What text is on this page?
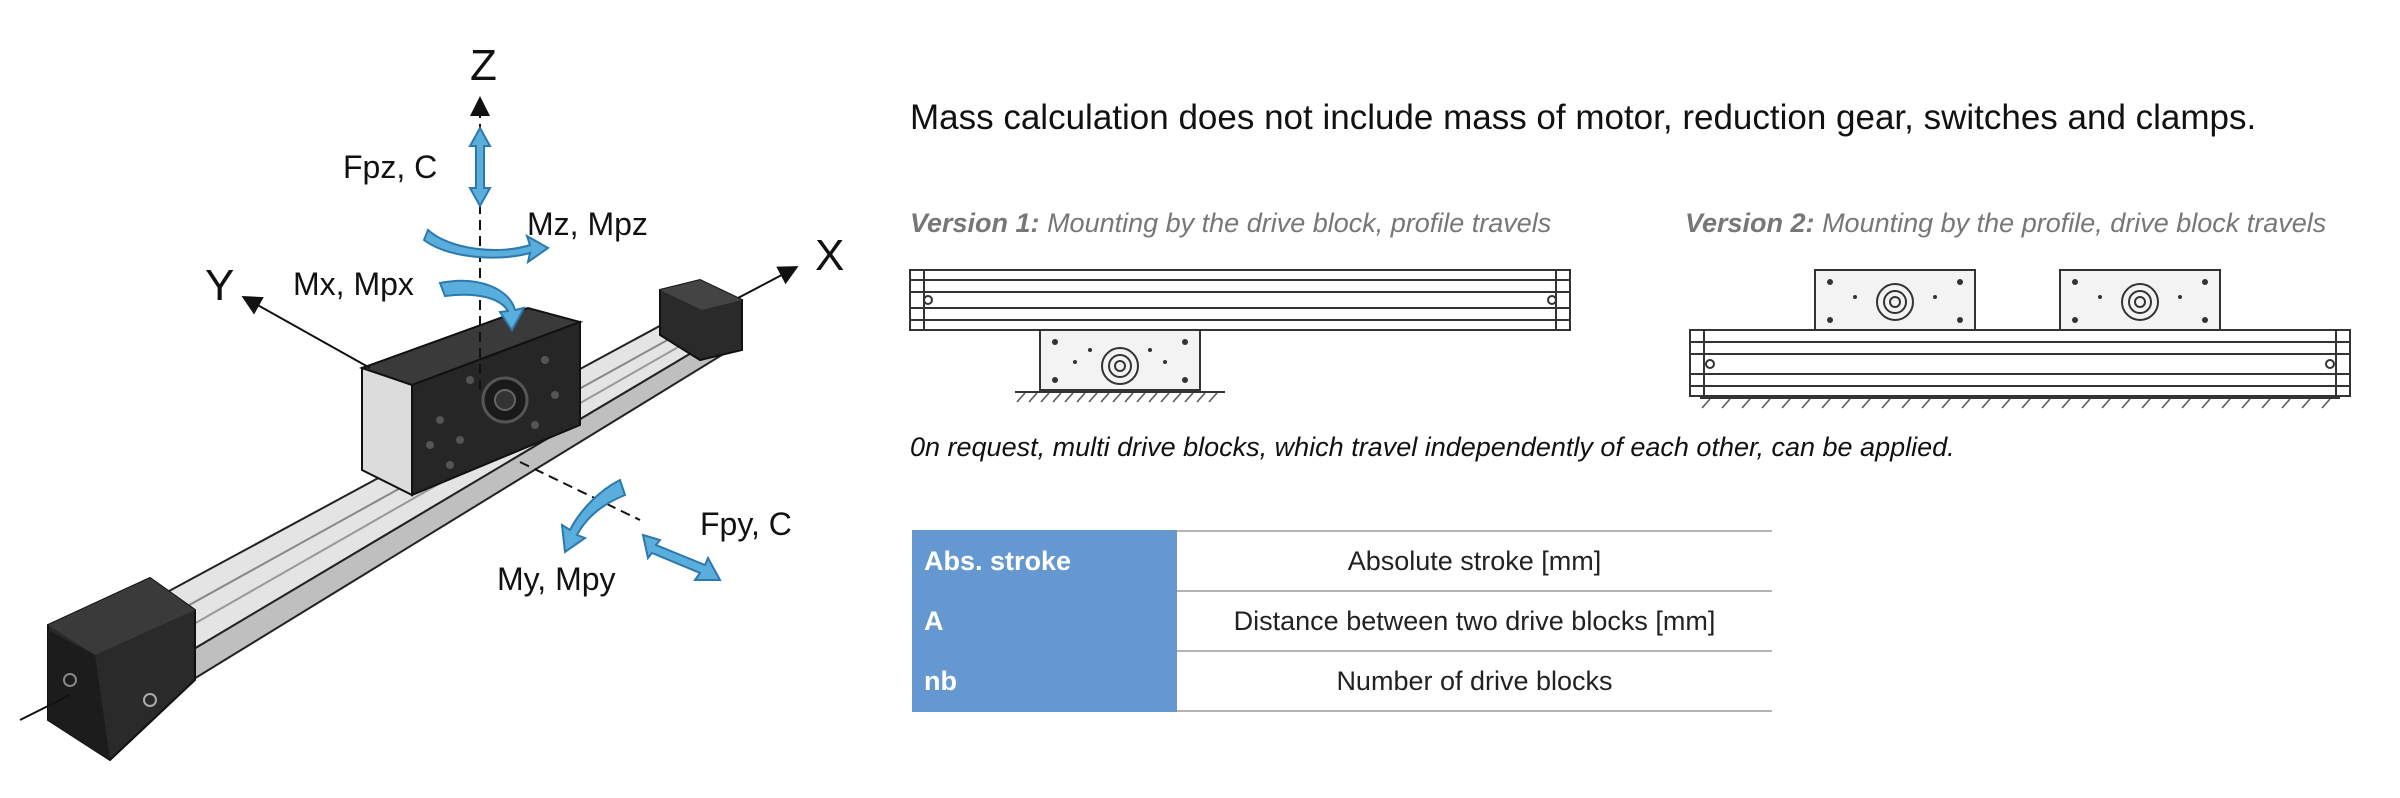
Z
Y
X
Fpz, C
Mz, Mpz
Mx, Mpx
My, Mpy
Fpy, C
Mass calculation does not include mass of motor, reduction gear, switches and clamps.
Version 1: Mounting by the drive block, profile travels	Version 2: Mounting by the profile, drive block travels
0n request, multi drive blocks, which travel independently of each other, can be applied.
Abs. stroke	Absolute stroke [mm]
A	Distance between two drive blocks [mm]
nb	Number of drive blocks
